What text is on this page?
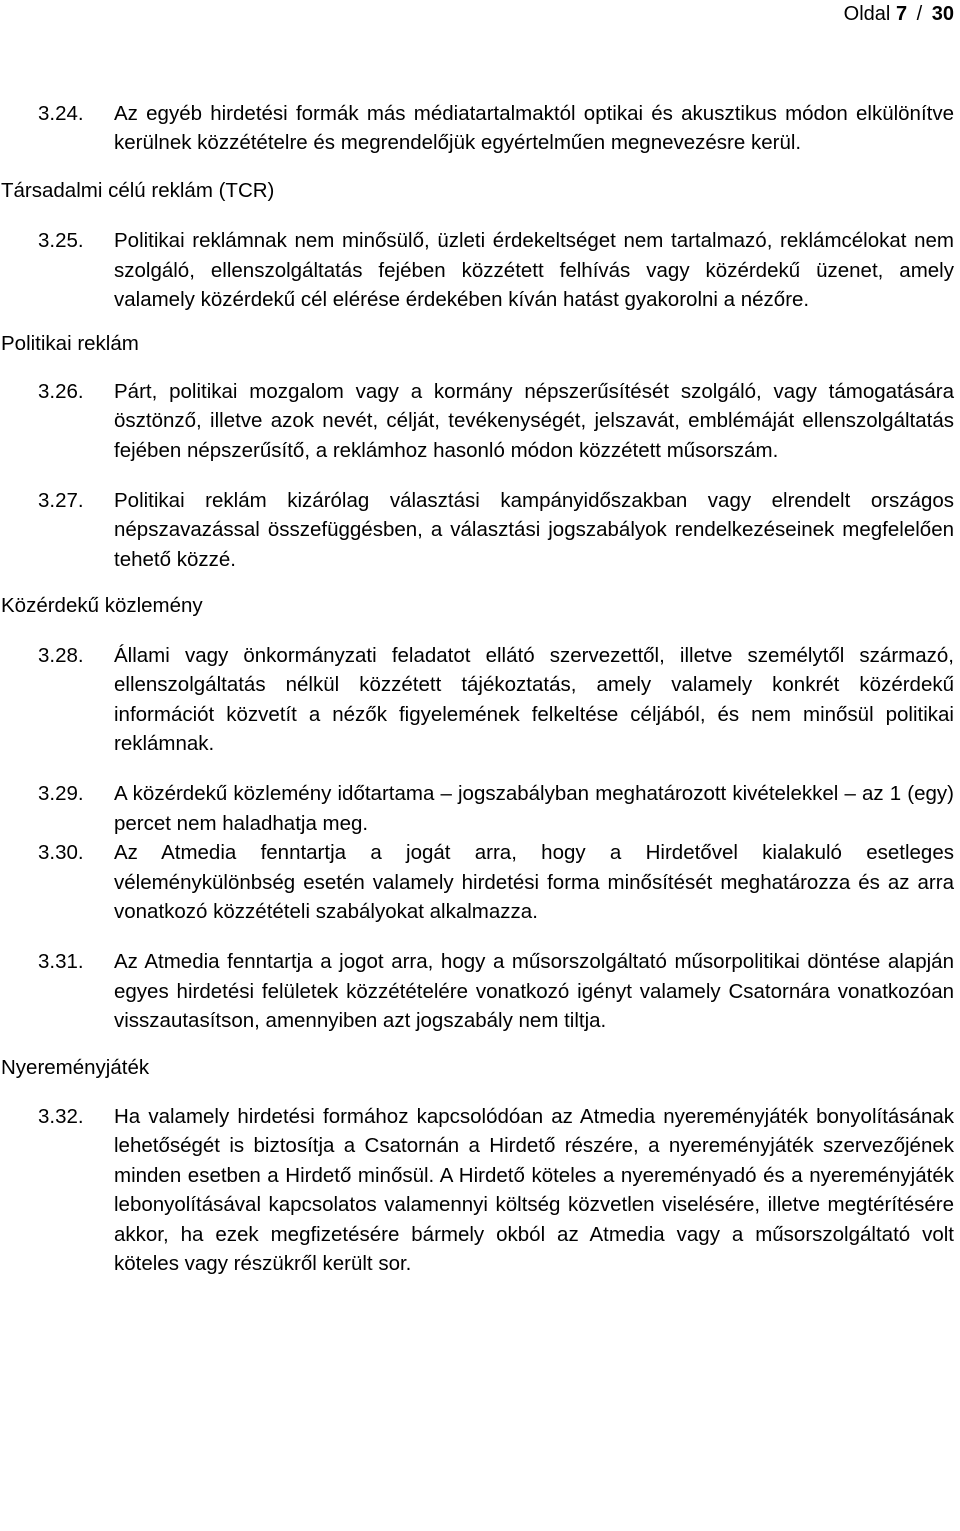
Oldal 7 / 30
3.24. Az egyéb hirdetési formák más médiatartalmaktól optikai és akusztikus módon elkülönítve kerülnek közzétételre és megrendelőjük egyértelműen megnevezésre kerül.
Társadalmi célú reklám (TCR)
3.25. Politikai reklámnak nem minősülő, üzleti érdekeltséget nem tartalmazó, reklámcélokat nem szolgáló, ellenszolgáltatás fejében közzétett felhívás vagy közérdekű üzenet, amely valamely közérdekű cél elérése érdekében kíván hatást gyakorolni a nézőre.
Politikai reklám
3.26. Párt, politikai mozgalom vagy a kormány népszerűsítését szolgáló, vagy támogatására ösztönző, illetve azok nevét, célját, tevékenységét, jelszavát, emblémáját ellenszolgáltatás fejében népszerűsítő, a reklámhoz hasonló módon közzétett műsorszám.
3.27. Politikai reklám kizárólag választási kampányidőszakban vagy elrendelt országos népszavazással összefüggésben, a választási jogszabályok rendelkezéseinek megfelelően tehető közzé.
Közérdekű közlemény
3.28. Állami vagy önkormányzati feladatot ellátó szervezettől, illetve személytől származó, ellenszolgáltatás nélkül közzétett tájékoztatás, amely valamely konkrét közérdekű információt közvetít a nézők figyelemének felkeltése céljából, és nem minősül politikai reklámnak.
3.29. A közérdekű közlemény időtartama – jogszabályban meghatározott kivételekkel – az 1 (egy) percet nem haladhatja meg.
3.30. Az Atmedia fenntartja a jogát arra, hogy a Hirdetővel kialakuló esetleges véleménykülönbség esetén valamely hirdetési forma minősítését meghatározza és az arra vonatkozó közzétételi szabályokat alkalmazza.
3.31. Az Atmedia fenntartja a jogot arra, hogy a műsorszolgáltató műsorpolitikai döntése alapján egyes hirdetési felületek közzétételére vonatkozó igényt valamely Csatornára vonatkozóan visszautasítson, amennyiben azt jogszabály nem tiltja.
Nyereményjáték
3.32. Ha valamely hirdetési formához kapcsolódóan az Atmedia nyereményjáték bonyolításának lehetőségét is biztosítja a Csatornán a Hirdető részére, a nyereményjáték szervezőjének minden esetben a Hirdető minősül. A Hirdető köteles a nyereményadó és a nyereményjáték lebonyolításával kapcsolatos valamennyi költség közvetlen viselésére, illetve megtérítésére akkor, ha ezek megfizetésére bármely okból az Atmedia vagy a műsorszolgáltató volt köteles vagy részükről került sor.
